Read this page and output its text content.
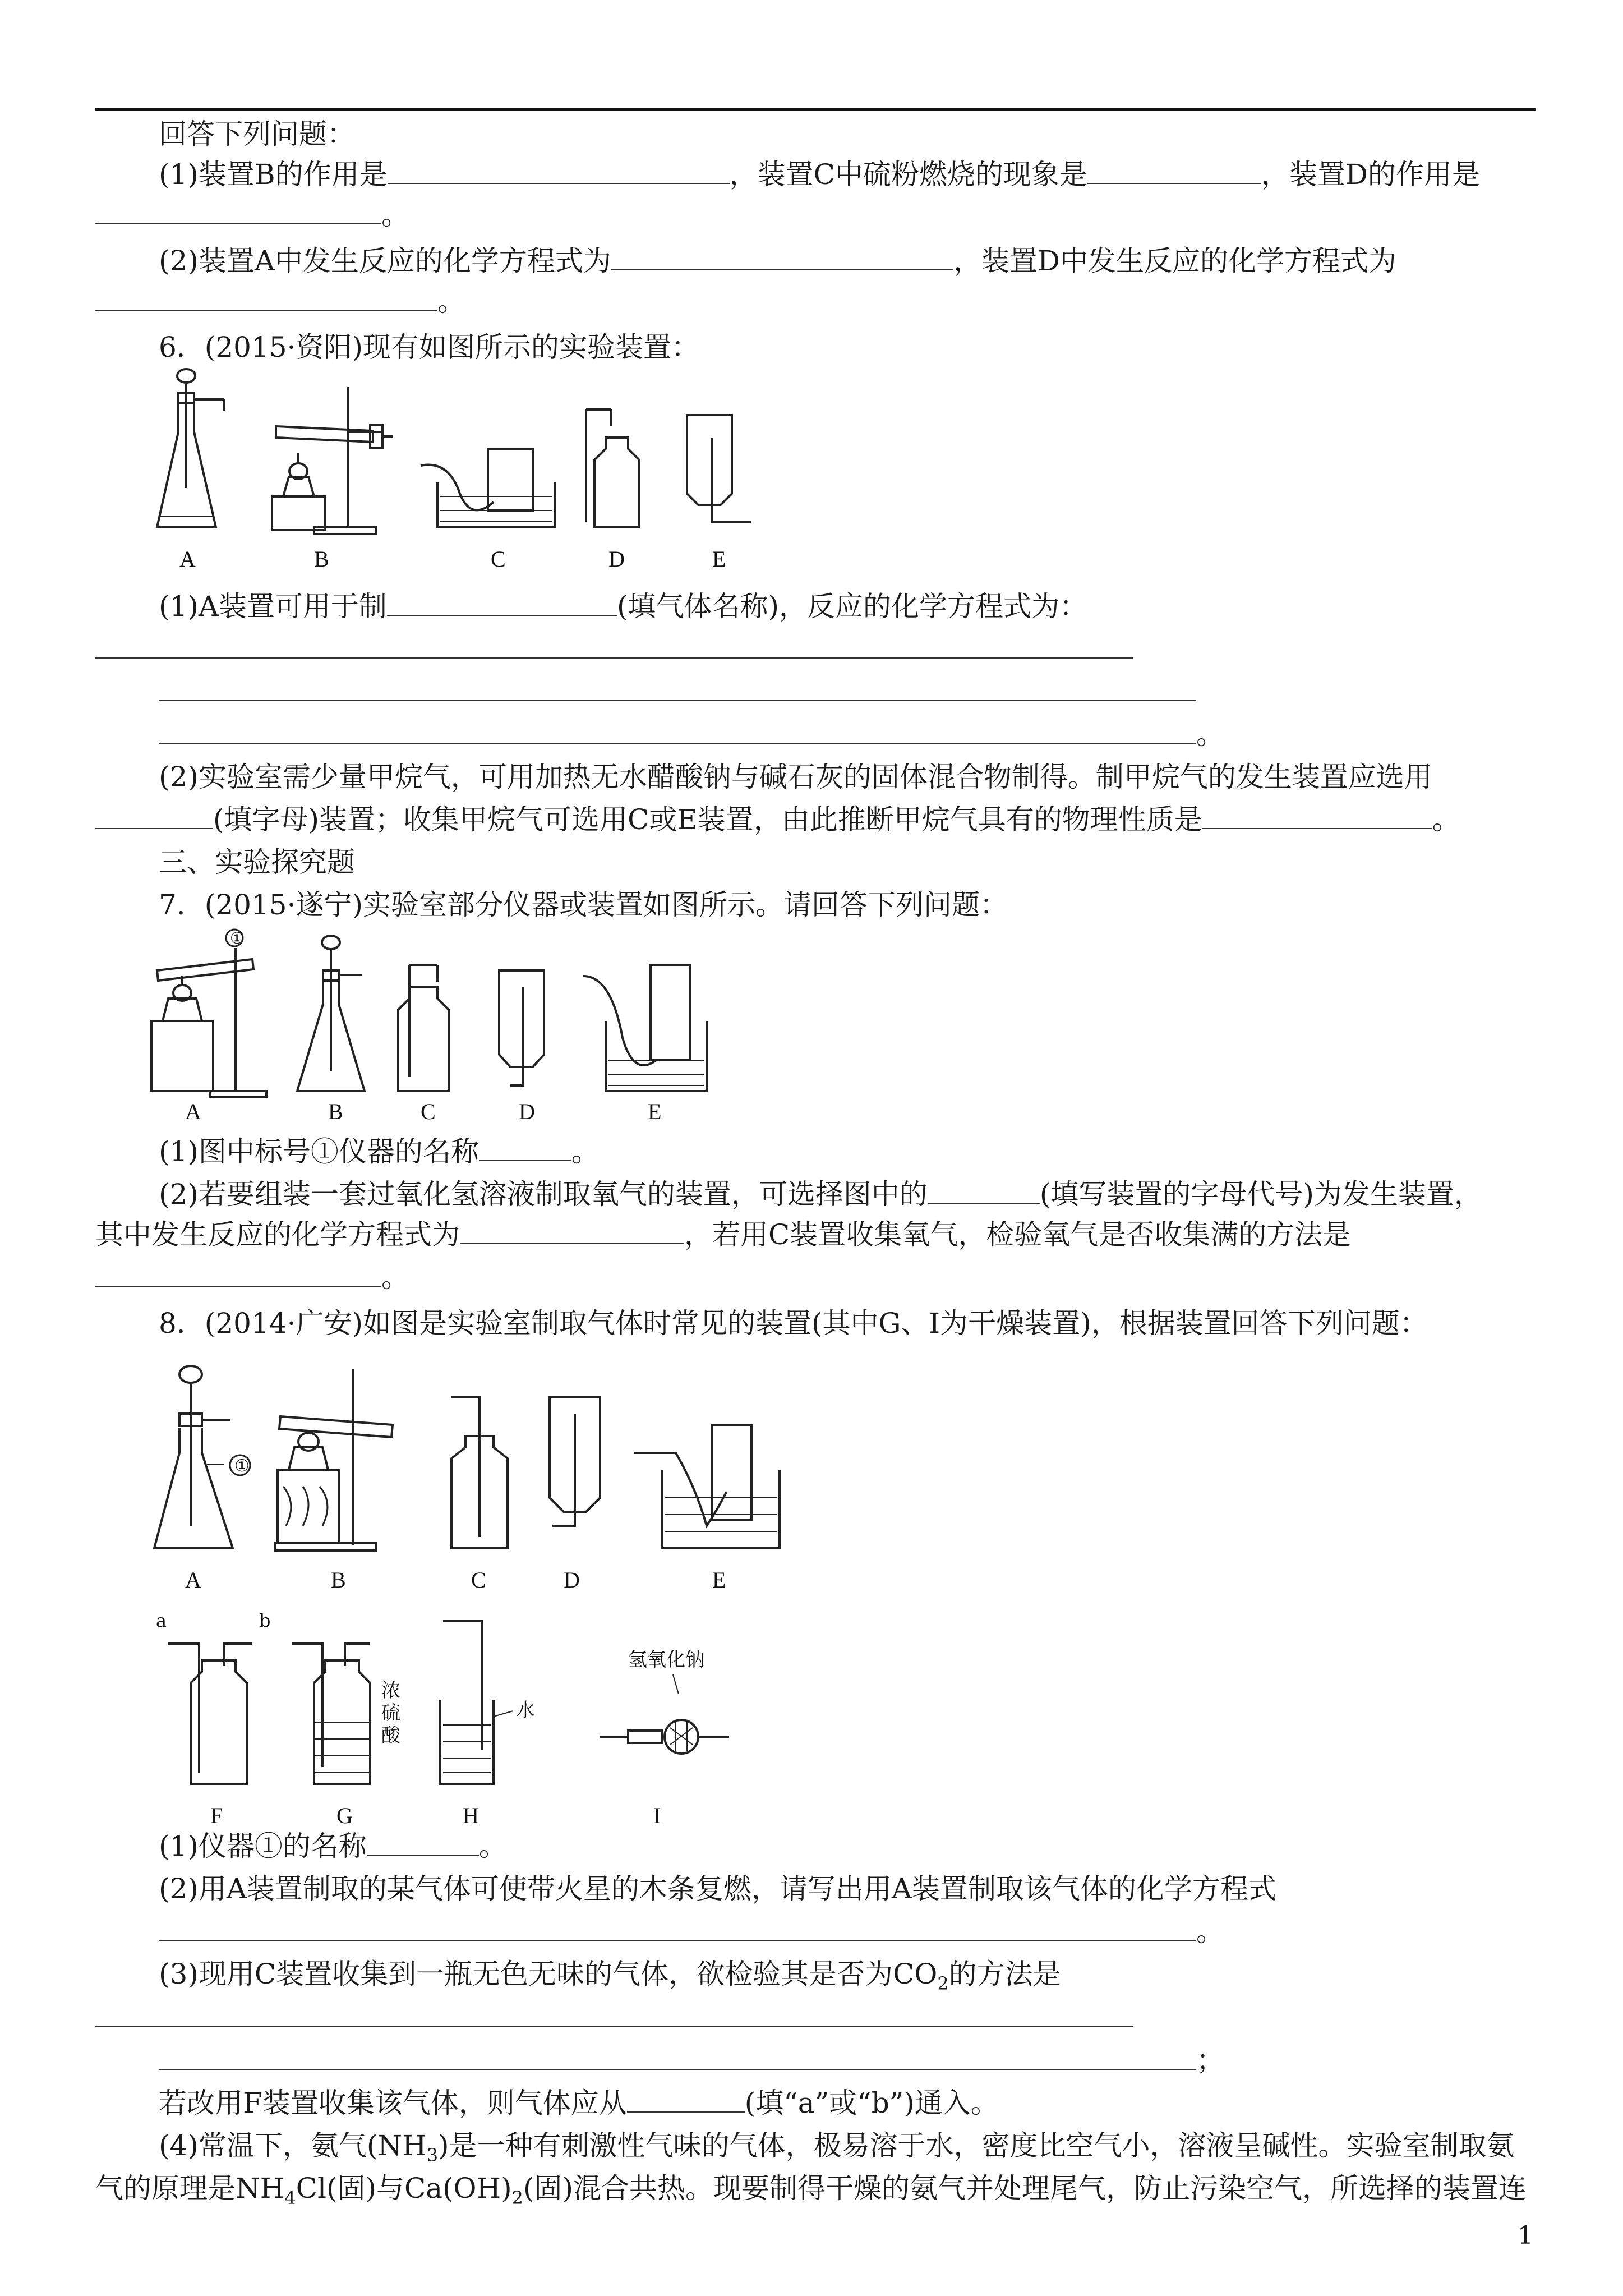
回答下列问题：
(1)装置B的作用是	，装置C中硫粉燃烧的现象是	，装置D的作用是
。
(2)装置A中发生反应的化学方程式为	，装置D中发生反应的化学方程式为
。
6．(2015·资阳)现有如图所示的实验装置：
A	B	C	D	E
(1)A装置可用于制	(填气体名称)，反应的化学方程式为：
。
(2)实验室需少量甲烷气，可用加热无水醋酸钠与碱石灰的固体混合物制得。制甲烷气的发生装置应选用
(填字母)装置；收集甲烷气可选用C或E装置，由此推断甲烷气具有的物理性质是	。
三、实验探究题
7．(2015·遂宁)实验室部分仪器或装置如图所示。请回答下列问题：
①
A	B	C	D	E
(1)图中标号①仪器的名称	。
(2)若要组装一套过氧化氢溶液制取氧气的装置，可选择图中的	(填写装置的字母代号)为发生装置，
其中发生反应的化学方程式为	，若用C装置收集氧气，检验氧气是否收集满的方法是
。
8．(2014·广安)如图是实验室制取气体时常见的装置(其中G、I为干燥装置)，根据装置回答下列问题：
①
A	B	C	D	E
a	b
浓硫酸
水
氢氧化钠
F	G	H	I
(1)仪器①的名称	。
(2)用A装置制取的某气体可使带火星的木条复燃，请写出用A装置制取该气体的化学方程式
。
(3)现用C装置收集到一瓶无色无味的气体，欲检验其是否为$CO_2$的方法是
；
若改用F装置收集该气体，则气体应从	(填“a”或“b”)通入。
(4)常温下，氨气$(NH_3)$是一种有刺激性气味的气体，极易溶于水，密度比空气小，溶液呈碱性。实验室制取氨
气的原理是$NH_4Cl$(固)与$Ca(OH)_2$(固)混合共热。现要制得干燥的氨气并处理尾气，防止污染空气，所选择的装置连
1
